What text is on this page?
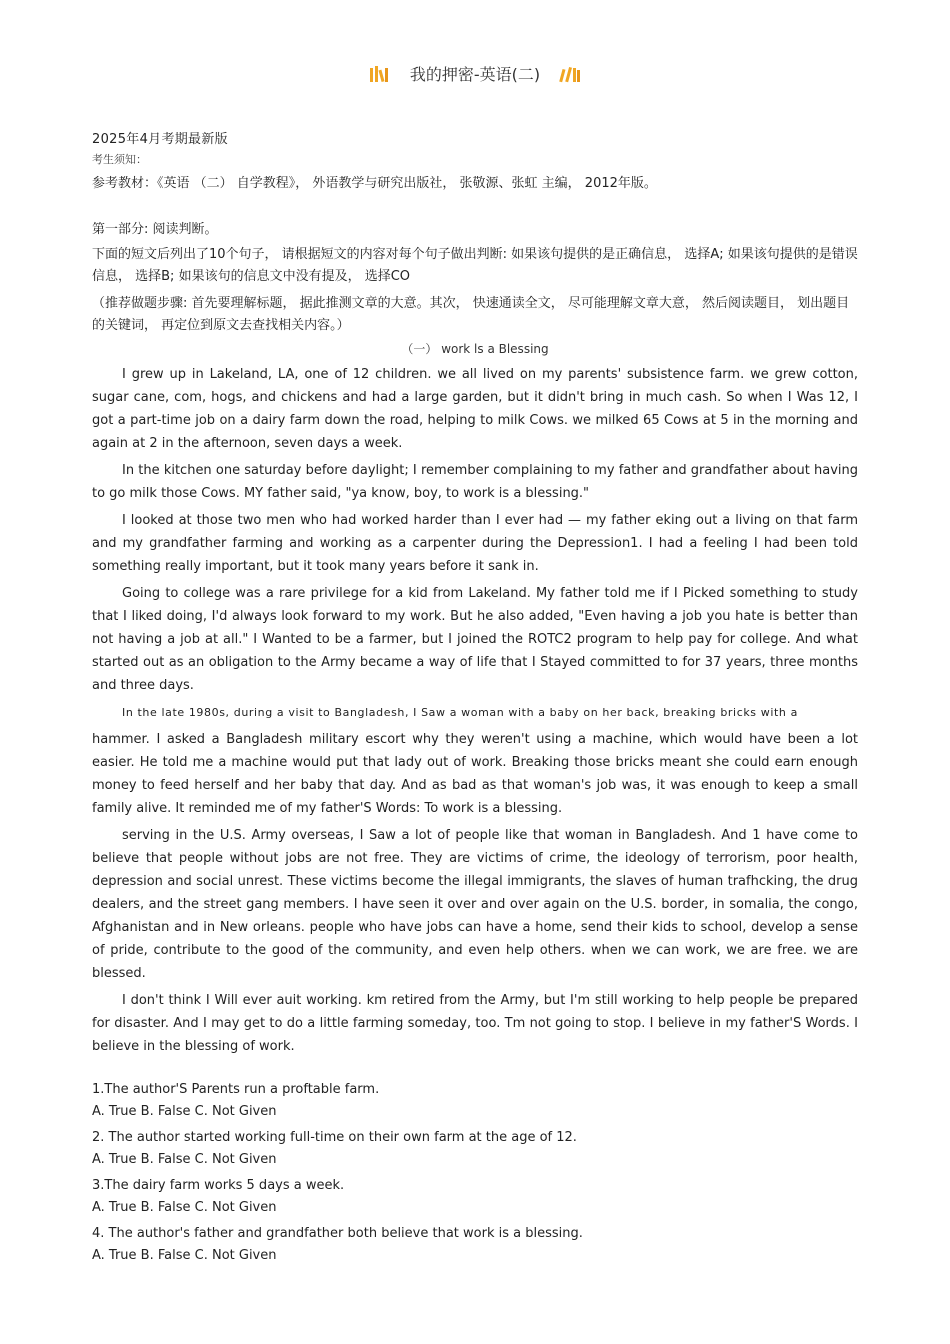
我的押密-英语(二)
2025年4月考期最新版
考生须知：
参考教材：《英语 （二） 自学教程》， 外语教学与研究出版社， 张敬源、张虹 主编， 2012年版。
第一部分: 阅读判断。
下面的短文后列出了10个句子， 请根据短文的内容对每个句子做出判断: 如果该句提供的是正确信息， 选择A; 如果该句提供的是错误信息， 选择B; 如果该句的信息文中没有提及， 选择CO
（推荐做题步骤: 首先要理解标题， 据此推测文章的大意。其次， 快速通读全文， 尽可能理解文章大意， 然后阅读题目， 划出题目的关键词， 再定位到原文去查找相关内容。）
（一） work ls a Blessing

I grew up in Lakeland, LA, one of 12 children. we all lived on my parents' subsistence farm. we grew cotton, sugar cane, com, hogs, and chickens and had a large garden, but it didn't bring in much cash. So when I Was 12, I got a part-time job on a dairy farm down the road, helping to milk Cows. we milked 65 Cows at 5 in the morning and again at 2 in the afternoon, seven days a week.

In the kitchen one saturday before daylight; I remember complaining to my father and grandfather about having to go milk those Cows. MY father said, "ya know, boy, to work is a blessing."

I looked at those two men who had worked harder than I ever had — my father eking out a living on that farm and my grandfather farming and working as a carpenter during the Depression1. I had a feeling I had been told something really important, but it took many years before it sank in.

Going to college was a rare privilege for a kid from Lakeland. My father told me if I Picked something to study that I liked doing, I'd always look forward to my work. But he also added, "Even having a job you hate is better than not having a job at all." I Wanted to be a farmer, but I joined the ROTC2 program to help pay for college. And what started out as an obligation to the Army became a way of life that I Stayed committed to for 37 years, three months and three days.

In the late 1980s, during a visit to Bangladesh, I Saw a woman with a baby on her back, breaking bricks with a

hammer. I asked a Bangladesh military escort why they weren't using a machine, which would have been a lot easier. He told me a machine would put that lady out of work. Breaking those bricks meant she could earn enough money to feed herself and her baby that day. And as bad as that woman's job was, it was enough to keep a small family alive. It reminded me of my father'S Words: To work is a blessing.

serving in the U.S. Army overseas, I Saw a lot of people like that woman in Bangladesh. And 1 have come to believe that people without jobs are not free. They are victims of crime, the ideology of terrorism, poor health, depression and social unrest. These victims become the illegal immigrants, the slaves of human trafhcking, the drug dealers, and the street gang members. I have seen it over and over again on the U.S. border, in somalia, the congo, Afghanistan and in New orleans. people who have jobs can have a home, send their kids to school, develop a sense of pride, contribute to the good of the community, and even help others. when we can work, we are free. we are blessed.

I don't think I Will ever auit working. km retired from the Army, but I'm still working to help people be prepared for disaster. And I may get to do a little farming someday, too. Tm not going to stop. I believe in my father'S Words. I believe in the blessing of work.

1.The author'S Parents run a proftable farm.
A. True B. False C. Not Given
2. The author started working full-time on their own farm at the age of 12.
A. True B. False C. Not Given
3.The dairy farm works 5 days a week.
A. True B. False C. Not Given
4. The author's father and grandfather both believe that work is a blessing.
A. True B. False C. Not Given
